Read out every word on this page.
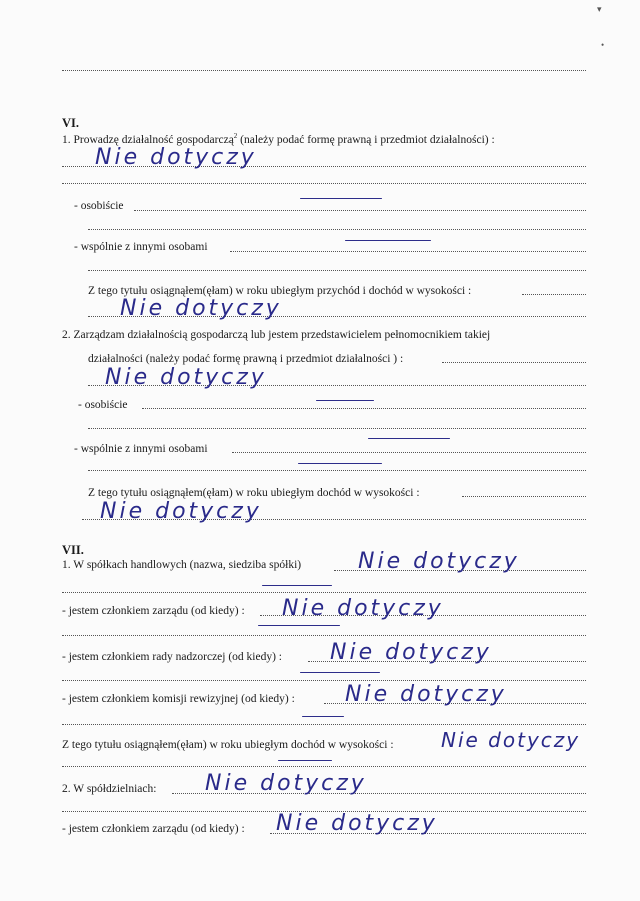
▾
•
VI.
1. Prowadzę działalność gospodarczą$^2$ (należy podać formę prawną i przedmiot działalności) :
Nie dotyczy
- osobiście
- wspólnie z innymi osobami
Z tego tytułu osiągnąłem(ęłam) w roku ubiegłym przychód i dochód w wysokości :
Nie dotyczy
2. Zarządzam działalnością gospodarczą lub jestem przedstawicielem pełnomocnikiem takiej
działalności (należy podać formę prawną i przedmiot działalności ) :
Nie dotyczy
- osobiście
- wspólnie z innymi osobami
Z tego tytułu osiągnąłem(ęłam) w roku ubiegłym dochód w wysokości :
Nie dotyczy
VII.
1. W spółkach handlowych (nazwa, siedziba spółki)	Nie dotyczy
- jestem członkiem zarządu (od kiedy) : Nie dotyczy
- jestem członkiem rady nadzorczej (od kiedy) : Nie dotyczy
- jestem członkiem komisji rewizyjnej (od kiedy) : Nie dotyczy
Z tego tytułu osiągnąłem(ęłam) w roku ubiegłym dochód w wysokości : Nie dotyczy
2. W spółdzielniach: Nie dotyczy
- jestem członkiem zarządu (od kiedy) : Nie dotyczy
